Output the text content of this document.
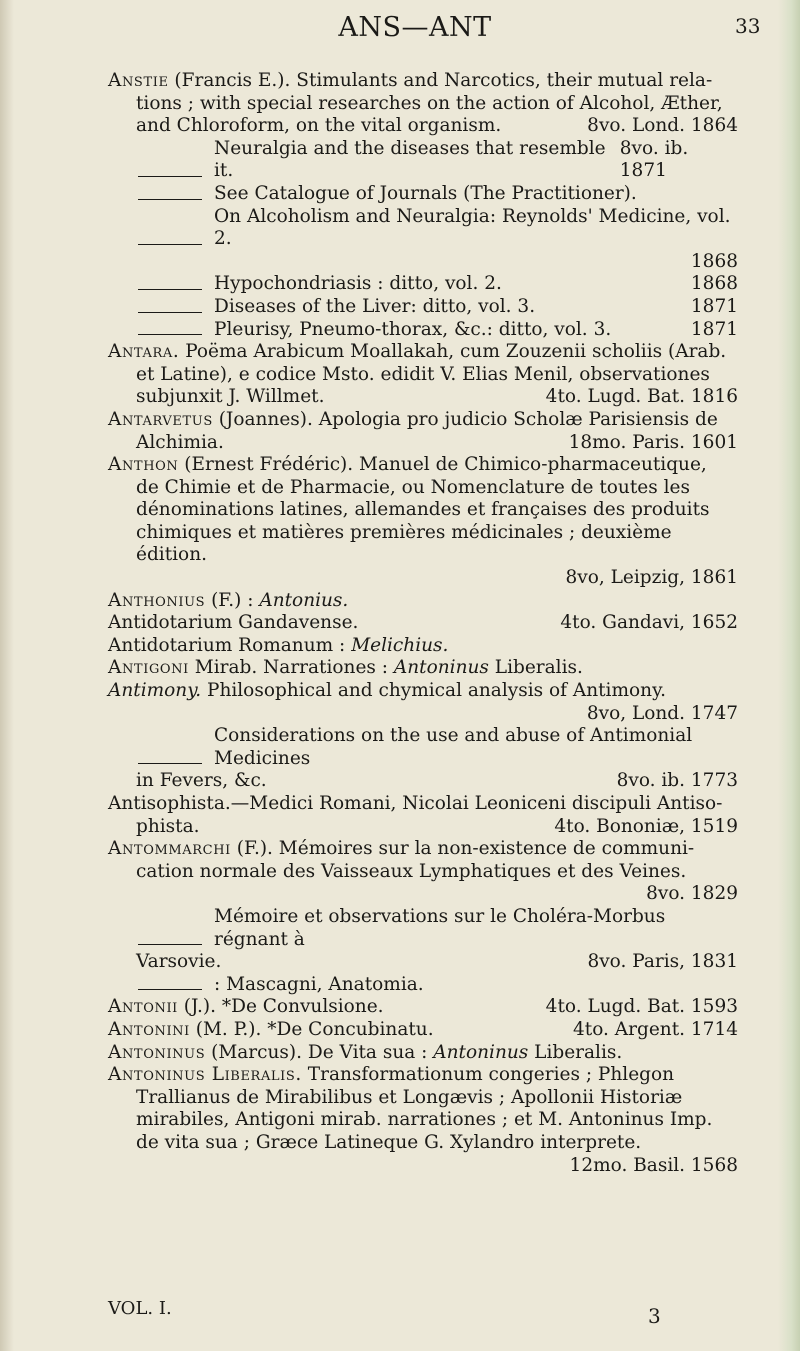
ANS—ANT	33
Anstie (Francis E.). Stimulants and Narcotics, their mutual rela-
tions ; with special researches on the action of Alcohol, Æther,
and Chloroform, on the vital organism.	8vo. Lond. 1864
Neuralgia and the diseases that resemble it.
8vo. ib. 1871
See Catalogue of Journals (The Practitioner).
On Alcoholism and Neuralgia: Reynolds' Medicine, vol. 2.
1868
Hypochondriasis : ditto, vol. 2.	1868
Diseases of the Liver: ditto, vol. 3.	1871
Pleurisy, Pneumo-thorax, &c.: ditto, vol. 3.	1871
Antara. Poëma Arabicum Moallakah, cum Zouzenii scholiis (Arab.
et Latine), e codice Msto. edidit V. Elias Menil, observationes
subjunxit J. Willmet.	4to. Lugd. Bat. 1816
Antarvetus (Joannes). Apologia pro judicio Scholæ Parisiensis de
Alchimia.	18mo. Paris. 1601
Anthon (Ernest Frédéric). Manuel de Chimico-pharmaceutique,
de Chimie et de Pharmacie, ou Nomenclature de toutes les
dénominations latines, allemandes et françaises des produits
chimiques et matières premières médicinales ; deuxième édition.
8vo, Leipzig, 1861
Anthonius (F.) : Antonius.
Antidotarium Gandavense.	4to. Gandavi, 1652
Antidotarium Romanum : Melichius.
Antigoni Mirab. Narrationes : Antoninus Liberalis.
Antimony. Philosophical and chymical analysis of Antimony.
8vo, Lond. 1747
Considerations on the use and abuse of Antimonial Medicines
in Fevers, &c.	8vo. ib. 1773
Antisophista.—Medici Romani, Nicolai Leoniceni discipuli Antiso-
phista.	4to. Bononiæ, 1519
Antommarchi (F.). Mémoires sur la non-existence de communi-
cation normale des Vaisseaux Lymphatiques et des Veines.
8vo. 1829
Mémoire et observations sur le Choléra-Morbus régnant à
Varsovie.	8vo. Paris, 1831
: Mascagni, Anatomia.
Antonii (J.). *De Convulsione.	4to. Lugd. Bat. 1593
Antonini (M. P.). *De Concubinatu.	4to. Argent. 1714
Antoninus (Marcus). De Vita sua : Antoninus Liberalis.
Antoninus Liberalis. Transformationum congeries ; Phlegon
Trallianus de Mirabilibus et Longævis ; Apollonii Historiæ
mirabiles, Antigoni mirab. narrationes ; et M. Antoninus Imp.
de vita sua ; Græce Latineque G. Xylandro interprete.
12mo. Basil. 1568
VOL. I.	3
